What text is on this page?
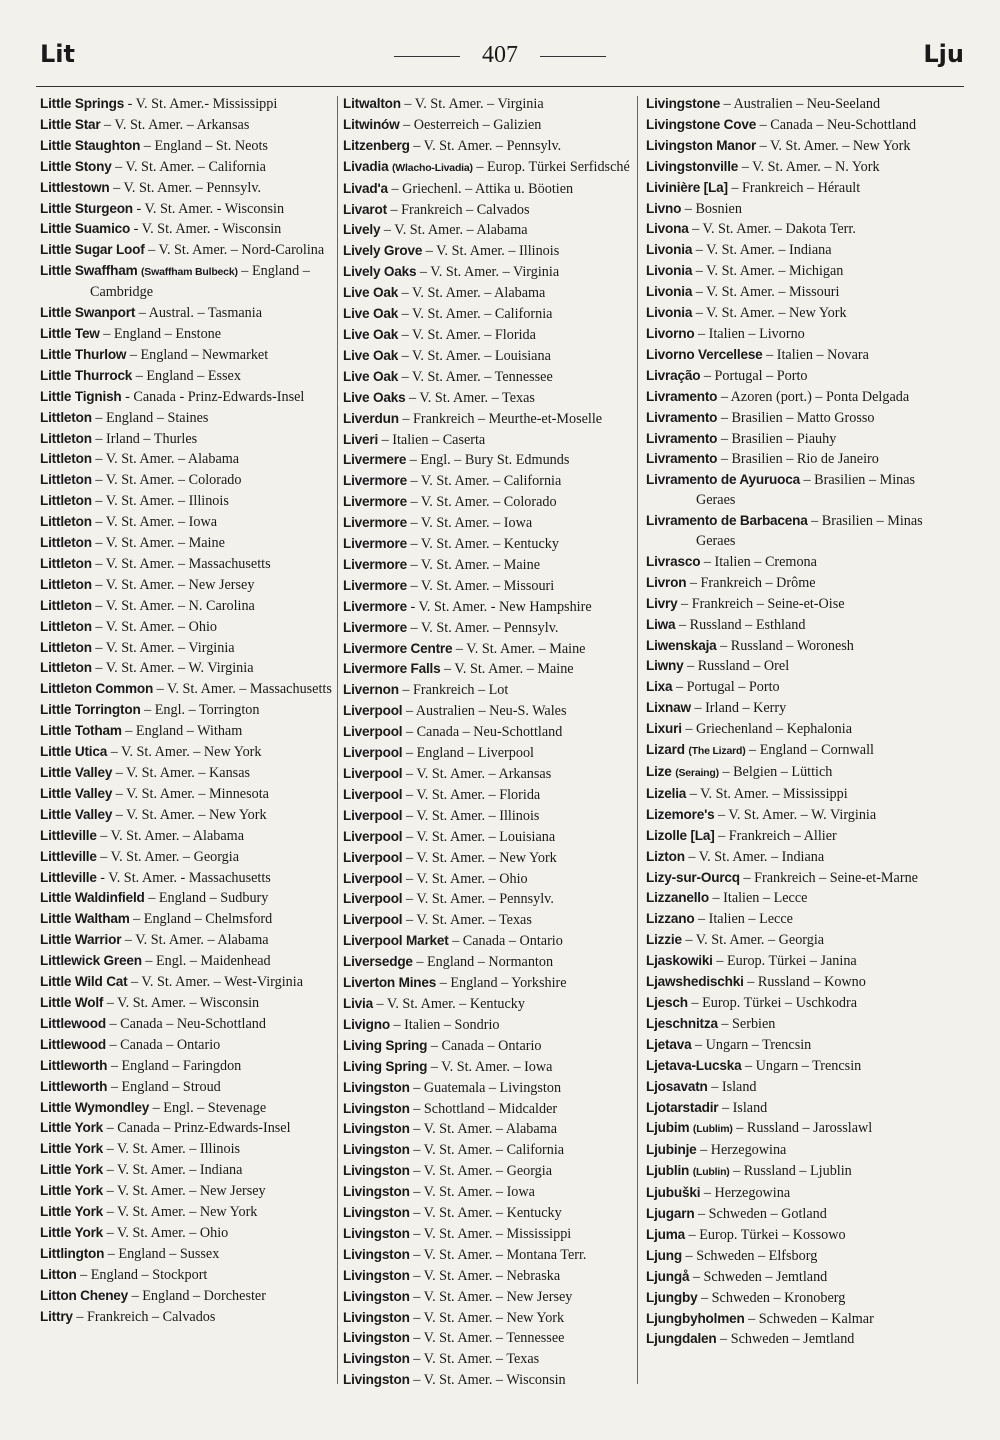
Lit	407	Lju
Little Springs - V. St. Amer.- Mississippi
Little Star – V. St. Amer. – Arkansas
Little Staughton – England – St. Neots
Little Stony – V. St. Amer. – California
Littlestown – V. St. Amer. – Pennsylv.
Little Sturgeon - V. St. Amer. - Wisconsin
Little Suamico - V. St. Amer. - Wisconsin
Little Sugar Loof – V. St. Amer. – Nord-Carolina
Little Swaffham (Swaffham Bulbeck) – England – Cambridge
Little Swanport – Austral. – Tasmania
Little Tew – England – Enstone
Little Thurlow – England – Newmarket
Little Thurrock – England – Essex
Little Tignish - Canada - Prinz-Edwards-Insel
Littleton – England – Staines
Littleton – Irland – Thurles
Littleton – V. St. Amer. – Alabama
Littleton – V. St. Amer. – Colorado
Littleton – V. St. Amer. – Illinois
Littleton – V. St. Amer. – Iowa
Littleton – V. St. Amer. – Maine
Littleton – V. St. Amer. – Massachusetts
Littleton – V. St. Amer. – New Jersey
Littleton – V. St. Amer. – N. Carolina
Littleton – V. St. Amer. – Ohio
Littleton – V. St. Amer. – Virginia
Littleton – V. St. Amer. – W. Virginia
Littleton Common – V. St. Amer. – Massachusetts
Little Torrington – Engl. – Torrington
Little Totham – England – Witham
Little Utica – V. St. Amer. – New York
Little Valley – V. St. Amer. – Kansas
Little Valley – V. St. Amer. – Minnesota
Little Valley – V. St. Amer. – New York
Littleville – V. St. Amer. – Alabama
Littleville – V. St. Amer. – Georgia
Littleville - V. St. Amer. - Massachusetts
Little Waldinfield – England – Sudbury
Little Waltham – England – Chelmsford
Little Warrior – V. St. Amer. – Alabama
Littlewick Green – Engl. – Maidenhead
Little Wild Cat – V. St. Amer. – West-Virginia
Little Wolf – V. St. Amer. – Wisconsin
Littlewood – Canada – Neu-Schottland
Littlewood – Canada – Ontario
Littleworth – England – Faringdon
Littleworth – England – Stroud
Little Wymondley – Engl. – Stevenage
Little York – Canada – Prinz-Edwards-Insel
Little York – V. St. Amer. – Illinois
Little York – V. St. Amer. – Indiana
Little York – V. St. Amer. – New Jersey
Little York – V. St. Amer. – New York
Little York – V. St. Amer. – Ohio
Littlington – England – Sussex
Litton – England – Stockport
Litton Cheney – England – Dorchester
Littry – Frankreich – Calvados
Litwalton – V. St. Amer. – Virginia
Litwinów – Oesterreich – Galizien
Litzenberg – V. St. Amer. – Pennsylv.
Livadia (Wlacho-Livadia) – Europ. Türkei Serfidsché
Livad'a – Griechenl. – Attika u. Böotien
Livarot – Frankreich – Calvados
Lively – V. St. Amer. – Alabama
Lively Grove – V. St. Amer. – Illinois
Lively Oaks – V. St. Amer. – Virginia
Live Oak – V. St. Amer. – Alabama
Live Oak – V. St. Amer. – California
Live Oak – V. St. Amer. – Florida
Live Oak – V. St. Amer. – Louisiana
Live Oak – V. St. Amer. – Tennessee
Live Oaks – V. St. Amer. – Texas
Liverdun – Frankreich – Meurthe-et-Moselle
Liveri – Italien – Caserta
Livermere – Engl. – Bury St. Edmunds
Livermore – V. St. Amer. – California
Livermore – V. St. Amer. – Colorado
Livermore – V. St. Amer. – Iowa
Livermore – V. St. Amer. – Kentucky
Livermore – V. St. Amer. – Maine
Livermore – V. St. Amer. – Missouri
Livermore - V. St. Amer. - New Hampshire
Livermore – V. St. Amer. – Pennsylv.
Livermore Centre – V. St. Amer. – Maine
Livermore Falls – V. St. Amer. – Maine
Livernon – Frankreich – Lot
Liverpool – Australien – Neu-S. Wales
Liverpool – Canada – Neu-Schottland
Liverpool – England – Liverpool
Liverpool – V. St. Amer. – Arkansas
Liverpool – V. St. Amer. – Florida
Liverpool – V. St. Amer. – Illinois
Liverpool – V. St. Amer. – Louisiana
Liverpool – V. St. Amer. – New York
Liverpool – V. St. Amer. – Ohio
Liverpool – V. St. Amer. – Pennsylv.
Liverpool – V. St. Amer. – Texas
Liverpool Market – Canada – Ontario
Liversedge – England – Normanton
Liverton Mines – England – Yorkshire
Livia – V. St. Amer. – Kentucky
Livigno – Italien – Sondrio
Living Spring – Canada – Ontario
Living Spring – V. St. Amer. – Iowa
Livingston – Guatemala – Livingston
Livingston – Schottland – Midcalder
Livingston – V. St. Amer. – Alabama
Livingston – V. St. Amer. – California
Livingston – V. St. Amer. – Georgia
Livingston – V. St. Amer. – Iowa
Livingston – V. St. Amer. – Kentucky
Livingston – V. St. Amer. – Mississippi
Livingston – V. St. Amer. – Montana Terr.
Livingston – V. St. Amer. – Nebraska
Livingston – V. St. Amer. – New Jersey
Livingston – V. St. Amer. – New York
Livingston – V. St. Amer. – Tennessee
Livingston – V. St. Amer. – Texas
Livingston – V. St. Amer. – Wisconsin
Livingstone – Australien – Neu-Seeland
Livingstone Cove – Canada – Neu-Schottland
Livingston Manor – V. St. Amer. – New York
Livingstonville – V. St. Amer. – N. York
Livinière [La] – Frankreich – Hérault
Livno – Bosnien
Livona – V. St. Amer. – Dakota Terr.
Livonia – V. St. Amer. – Indiana
Livonia – V. St. Amer. – Michigan
Livonia – V. St. Amer. – Missouri
Livonia – V. St. Amer. – New York
Livorno – Italien – Livorno
Livorno Vercellese – Italien – Novara
Livração – Portugal – Porto
Livramento – Azoren (port.) – Ponta Delgada
Livramento – Brasilien – Matto Grosso
Livramento – Brasilien – Piauhy
Livramento – Brasilien – Rio de Janeiro
Livramento de Ayuruoca – Brasilien – Minas Geraes
Livramento de Barbacena – Brasilien – Minas Geraes
Livrasco – Italien – Cremona
Livron – Frankreich – Drôme
Livry – Frankreich – Seine-et-Oise
Liwa – Russland – Esthland
Liwenskaja – Russland – Woronesh
Liwny – Russland – Orel
Lixa – Portugal – Porto
Lixnaw – Irland – Kerry
Lixuri – Griechenland – Kephalonia
Lizard (The Lizard) – England – Cornwall
Lize (Seraing) – Belgien – Lüttich
Lizelia – V. St. Amer. – Mississippi
Lizemore's – V. St. Amer. – W. Virginia
Lizolle [La] – Frankreich – Allier
Lizton – V. St. Amer. – Indiana
Lizy-sur-Ourcq – Frankreich – Seine-et-Marne
Lizzanello – Italien – Lecce
Lizzano – Italien – Lecce
Lizzie – V. St. Amer. – Georgia
Ljaskowiki – Europ. Türkei – Janina
Ljawshedischki – Russland – Kowno
Ljesch – Europ. Türkei – Uschkodra
Ljeschnitza – Serbien
Ljetava – Ungarn – Trencsin
Ljetava-Lucska – Ungarn – Trencsin
Ljosavatn – Island
Ljotarstadir – Island
Ljubim (Lublim) – Russland – Jarosslawl
Ljubinje – Herzegowina
Ljublin (Lublin) – Russland – Ljublin
Ljubuški – Herzegowina
Ljugarn – Schweden – Gotland
Ljuma – Europ. Türkei – Kossowo
Ljung – Schweden – Elfsborg
Ljungå – Schweden – Jemtland
Ljungby – Schweden – Kronoberg
Ljungbyholmen – Schweden – Kalmar
Ljungdalen – Schweden – Jemtland
